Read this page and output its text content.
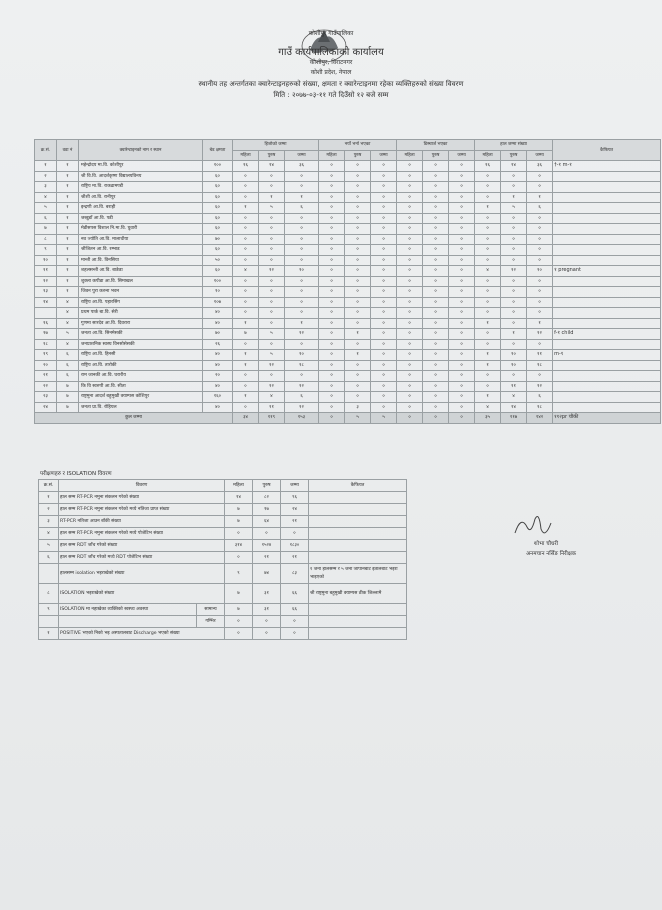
कोशीपुर गाउँपालिका
गाउँ कार्यपालिकाको कार्यालय
कोशीपुर, विराटनगर
कोशी प्रदेश, नेपाल
स्थानीय तह अन्तर्गतका क्वारेन्टाइनहरुको संख्या, क्षमता र क्वारेन्टाइनमा रहेका व्यक्तिहरुको संख्या विवरण
मिति : २०७७-०३-११ गते दिउँसो १२ बजे सम्म
क्र.सं.	वडा नं	क्वारेन्टाइनको नाम र स्थान	बेड क्षमता	हिजोको जम्मा			नयाँ भर्ना भएका			डिस्चार्ज भएका			हाल जम्मा संख्या			कैफियत
				महिला	पुरुष	जम्मा	महिला	पुरुष	जम्मा	महिला	पुरुष	जम्मा	महिला	पुरुष	जम्मा	
१	१	महेन्द्रोदय मा.वि. कोशीपुर	१००	१६	१४	३६	०	०	०	०	०	०	१६	१४	३६	†-१ m-१
२	१	श्री वि.वि. आदर्शकृष्ण विद्यालयविनय	६०	०	०	०	०	०	०	०	०	०	०	०	०	
३	१	राष्ट्रिय मा.वि. राकढामण्डी	६०	०	०	०	०	०	०	०	०	०	०	०	०	
४	१	श्रीशी आ.वि. रानीपुर	६०	०	१	१	०	०	०	०	०	०	०	१	१	
५	१	इन्द्रणी आ.वि. बराही	६०	१	५	६	०	०	०	०	०	०	१	५	६	
६	१	जब्बुडाँ आ.वि. पडी	६०	०	०	०	०	०	०	०	०	०	०	०	०	
७	१	मेडीसपस विशाल नि.मा.वि. घुवारी	६०	०	०	०	०	०	०	०	०	०	०	०	०	
८	१	नव ज्योति आ.वि. मालाधीया	७०	०	०	०	०	०	०	०	०	०	०	०	०	
९	१	श्रीजितन आ.वि. रम्भाड	६०	०	०	०	०	०	०	०	०	०	०	०	०	
१०	१	मान्ती आ.वि. विनसिया	५०	०	०	०	०	०	०	०	०	०	०	०	०	
११	१	शहलसन्ती आ.वि. बाङेडा	६०	४	१२	१०	०	०	०	०	०	०	४	१२	१०	१ pregnant
१२	१	शुक्ला कपीडा आ.वि. सिमाखल	१००	०	०	०	०	०	०	०	०	०	०	०	०	
१३	१	जिवन पुरा करुना भवन	१०	०	०	०	०	०	०	०	०	०	०	०	०	
१४	४	राष्ट्रिय आ.वि. पहारसिंग	१०७	०	०	०	०	०	०	०	०	०	०	०	०	
	४	प्रथम पार्क बा.वि. सेरी	४०	०	०	०	०	०	०	०	०	०	०	०	०	
१६	४	गुणमा सारदेव आ.वि. दिवरारा	४०	१	०	१	०	०	०	०	०	०	१	०	१	
१७	५	जनता आ.वि. सिनमेसकी	७०	७	५	१२	०	१	०	०	०	०	०	१	१२	f-१ child
१८	४	जनप्राशनिक स्वस्थ विनसोसेसकी	२६	०	०	०	०	०	०	०	०	०	०	०	०	
१९	६	राष्ट्रिय आ.वि. हिनसी	४०	१	५	१०	०	१	०	०	०	०	१	१०	११	m-१
२०	६	राष्ट्रिय आ.वि. तारोकी	४०	१	१२	१८	०	०	०	०	०	०	१	१०	१८	
२१	६	राम जानकी आ.वि. घरारीय	२०	०	०	०	०	०	०	०	०	०	०	०	०	
२२	७	कि वि स्वरुपी आ.वि. सीता	४०	०	१२	१२	०	०	०	०	०	०	०	११	१२	
२३	७	राष्ट्रमुना आदर्श बहुमुखी क्याम्पस कोशिपुर	१६०	१	४	६	०	०	०	०	०	०	१	४	६	
२४	७	जनता प्रा.वि. रोहियल	४०	०	११	१२	०	३	०	०	०	०	४	१४	१८	
कुल जम्मा				३४	११९	१५३	०	५	५	०	०	०	३५	११७	१४२	११२pr चौकी
परीक्षणहरु र ISOLATION विवरण
क्र.सं.	विवरण		महिला	पुरुष	जम्मा	कैफियत
१	हाल सम्म RT-PCR नमुना संकलन गरेको संख्या		१४	८२	९६	
२	हाल सम्म RT-PCR नमुना संकलन गरेको मध्ये नतिजा प्राप्त संख्या		७	१७	२४	
३	RT-PCR नतिजा आउन बाँकी संख्या		७	६४	२१	
४	हाल सम्म RT-PCR नमुना संकलन गरेको मध्ये पोजेटिभ संख्या		०	०	०	
५	हाल सम्म RDT जाँच गरेको संख्या		३१४	१५२४	१८३०	
६	हाल सम्म RDT जाँच गरेको मध्ये RDT पोजेटिभ संख्या		०	२१	२१	
	हालसम्म isolation भइराखेको संख्या		९	७४	८३	१ जना हालसम्म र ५ जना जापानबाट इतालबाट भइरा भाइएको
८	ISOLATION भइराखेको संख्या		७	३१	६६	श्री राष्ट्रमुना बहुमुखी क्याम्पस ठीक जिल्लामै
९	ISOLATION मा नहाखेका व्यक्तिको स्वस्थ्य अवस्था	सामान्य	७	३१	६६	
		गम्भिर	०	०	०	
१	POSITIVE भएको निको भइ अस्पतालबाट Discharge भएको संख्या		०	०	०	
शोभा चौधरी
अनमचान नर्सिङ निरीक्षक
